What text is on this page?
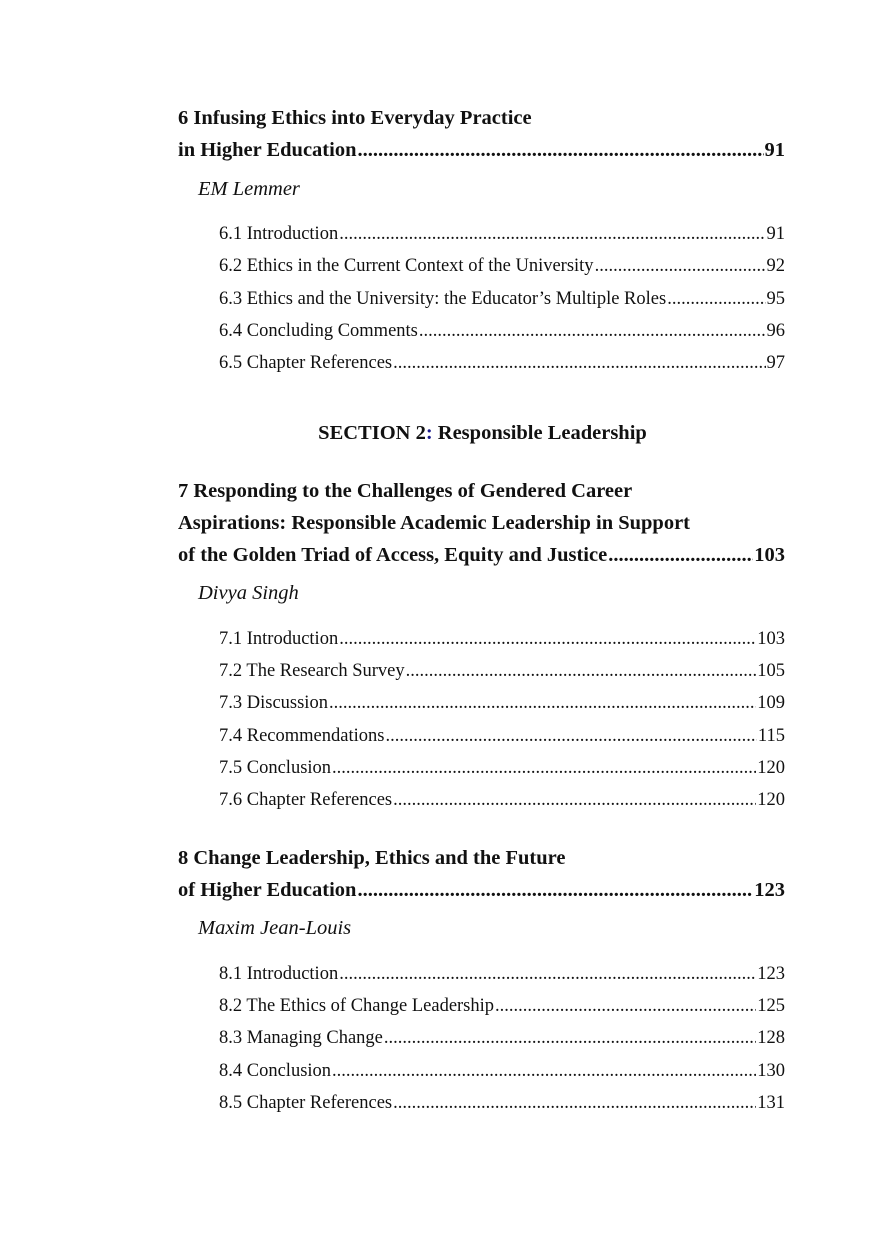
6 Infusing Ethics into Everyday Practice
in Higher Education .....	91
EM Lemmer
6.1 Introduction .....	91
6.2 Ethics in the Current Context of the University .....	92
6.3 Ethics and the University: the Educator’s Multiple Roles .....	95
6.4 Concluding Comments .....	96
6.5 Chapter References .....	97
SECTION 2: Responsible Leadership
7 Responding to the Challenges of Gendered Career
Aspirations: Responsible Academic Leadership in Support
of the Golden Triad of Access, Equity and Justice .....	103
Divya Singh
7.1 Introduction .....	103
7.2 The Research Survey .....	105
7.3 Discussion .....	109
7.4 Recommendations .....	115
7.5 Conclusion .....	120
7.6 Chapter References .....	120
8 Change Leadership, Ethics and the Future
of Higher Education .....	123
Maxim Jean-Louis
8.1 Introduction .....	123
8.2 The Ethics of Change Leadership .....	125
8.3 Managing Change .....	128
8.4 Conclusion .....	130
8.5 Chapter References .....	131
